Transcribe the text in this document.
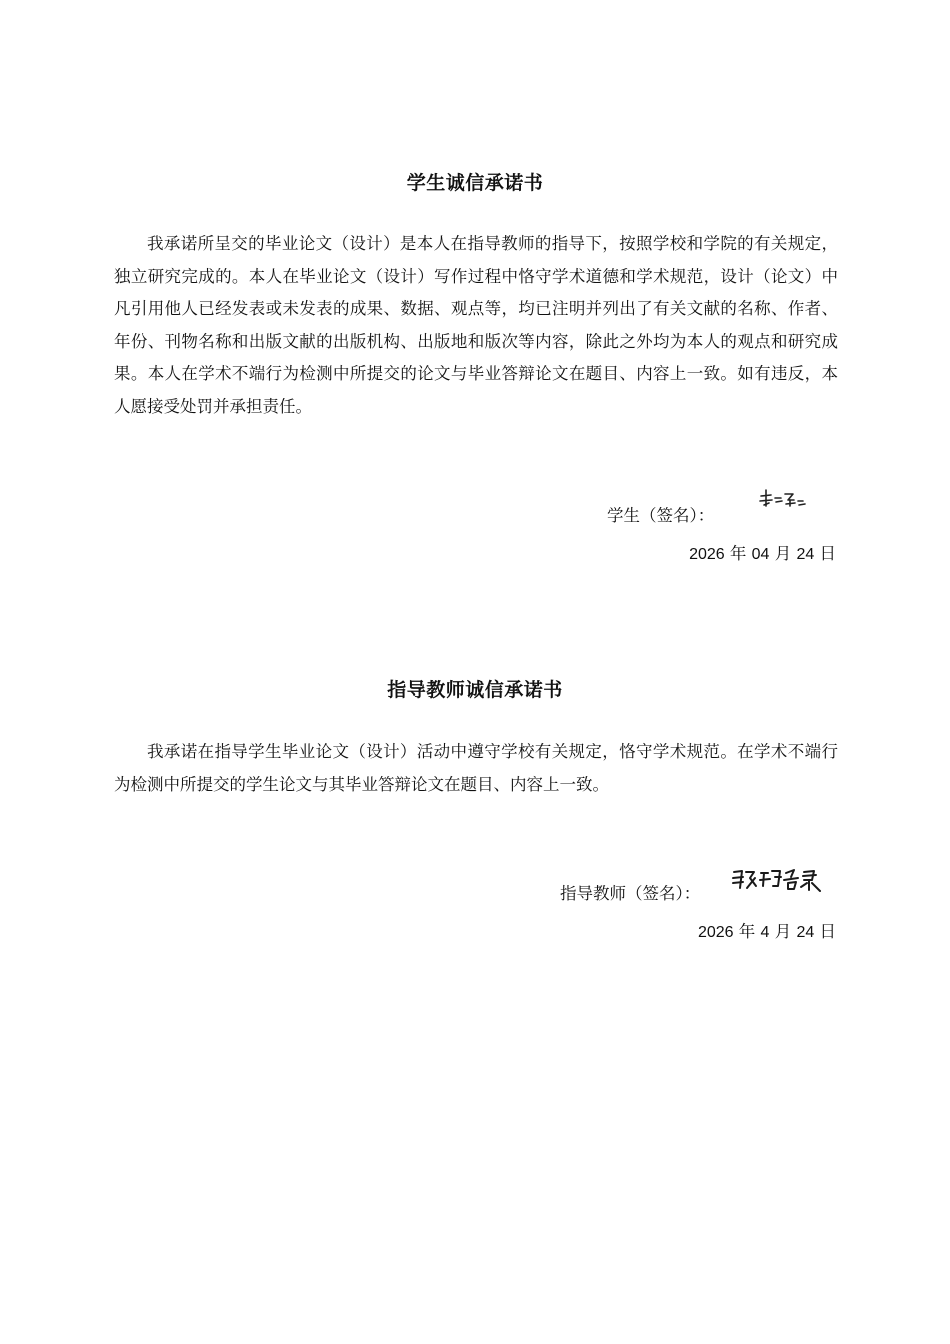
学生诚信承诺书

我承诺所呈交的毕业论文（设计）是本人在指导教师的指导下，按照学校和学院的有关规定，独立研究完成的。本人在毕业论文（设计）写作过程中恪守学术道德和学术规范，设计（论文）中凡引用他人已经发表或未发表的成果、数据、观点等，均已注明并列出了有关文献的名称、作者、年份、刊物名称和出版文献的出版机构、出版地和版次等内容，除此之外均为本人的观点和研究成果。本人在学术不端行为检测中所提交的论文与毕业答辩论文在题目、内容上一致。如有违反，本人愿接受处罚并承担责任。

学生（签名）：
2026 年 04 月 24 日
指导教师诚信承诺书

我承诺在指导学生毕业论文（设计）活动中遵守学校有关规定，恪守学术规范。在学术不端行为检测中所提交的学生论文与其毕业答辩论文在题目、内容上一致。

指导教师（签名）：
2026 年 4 月 24 日
